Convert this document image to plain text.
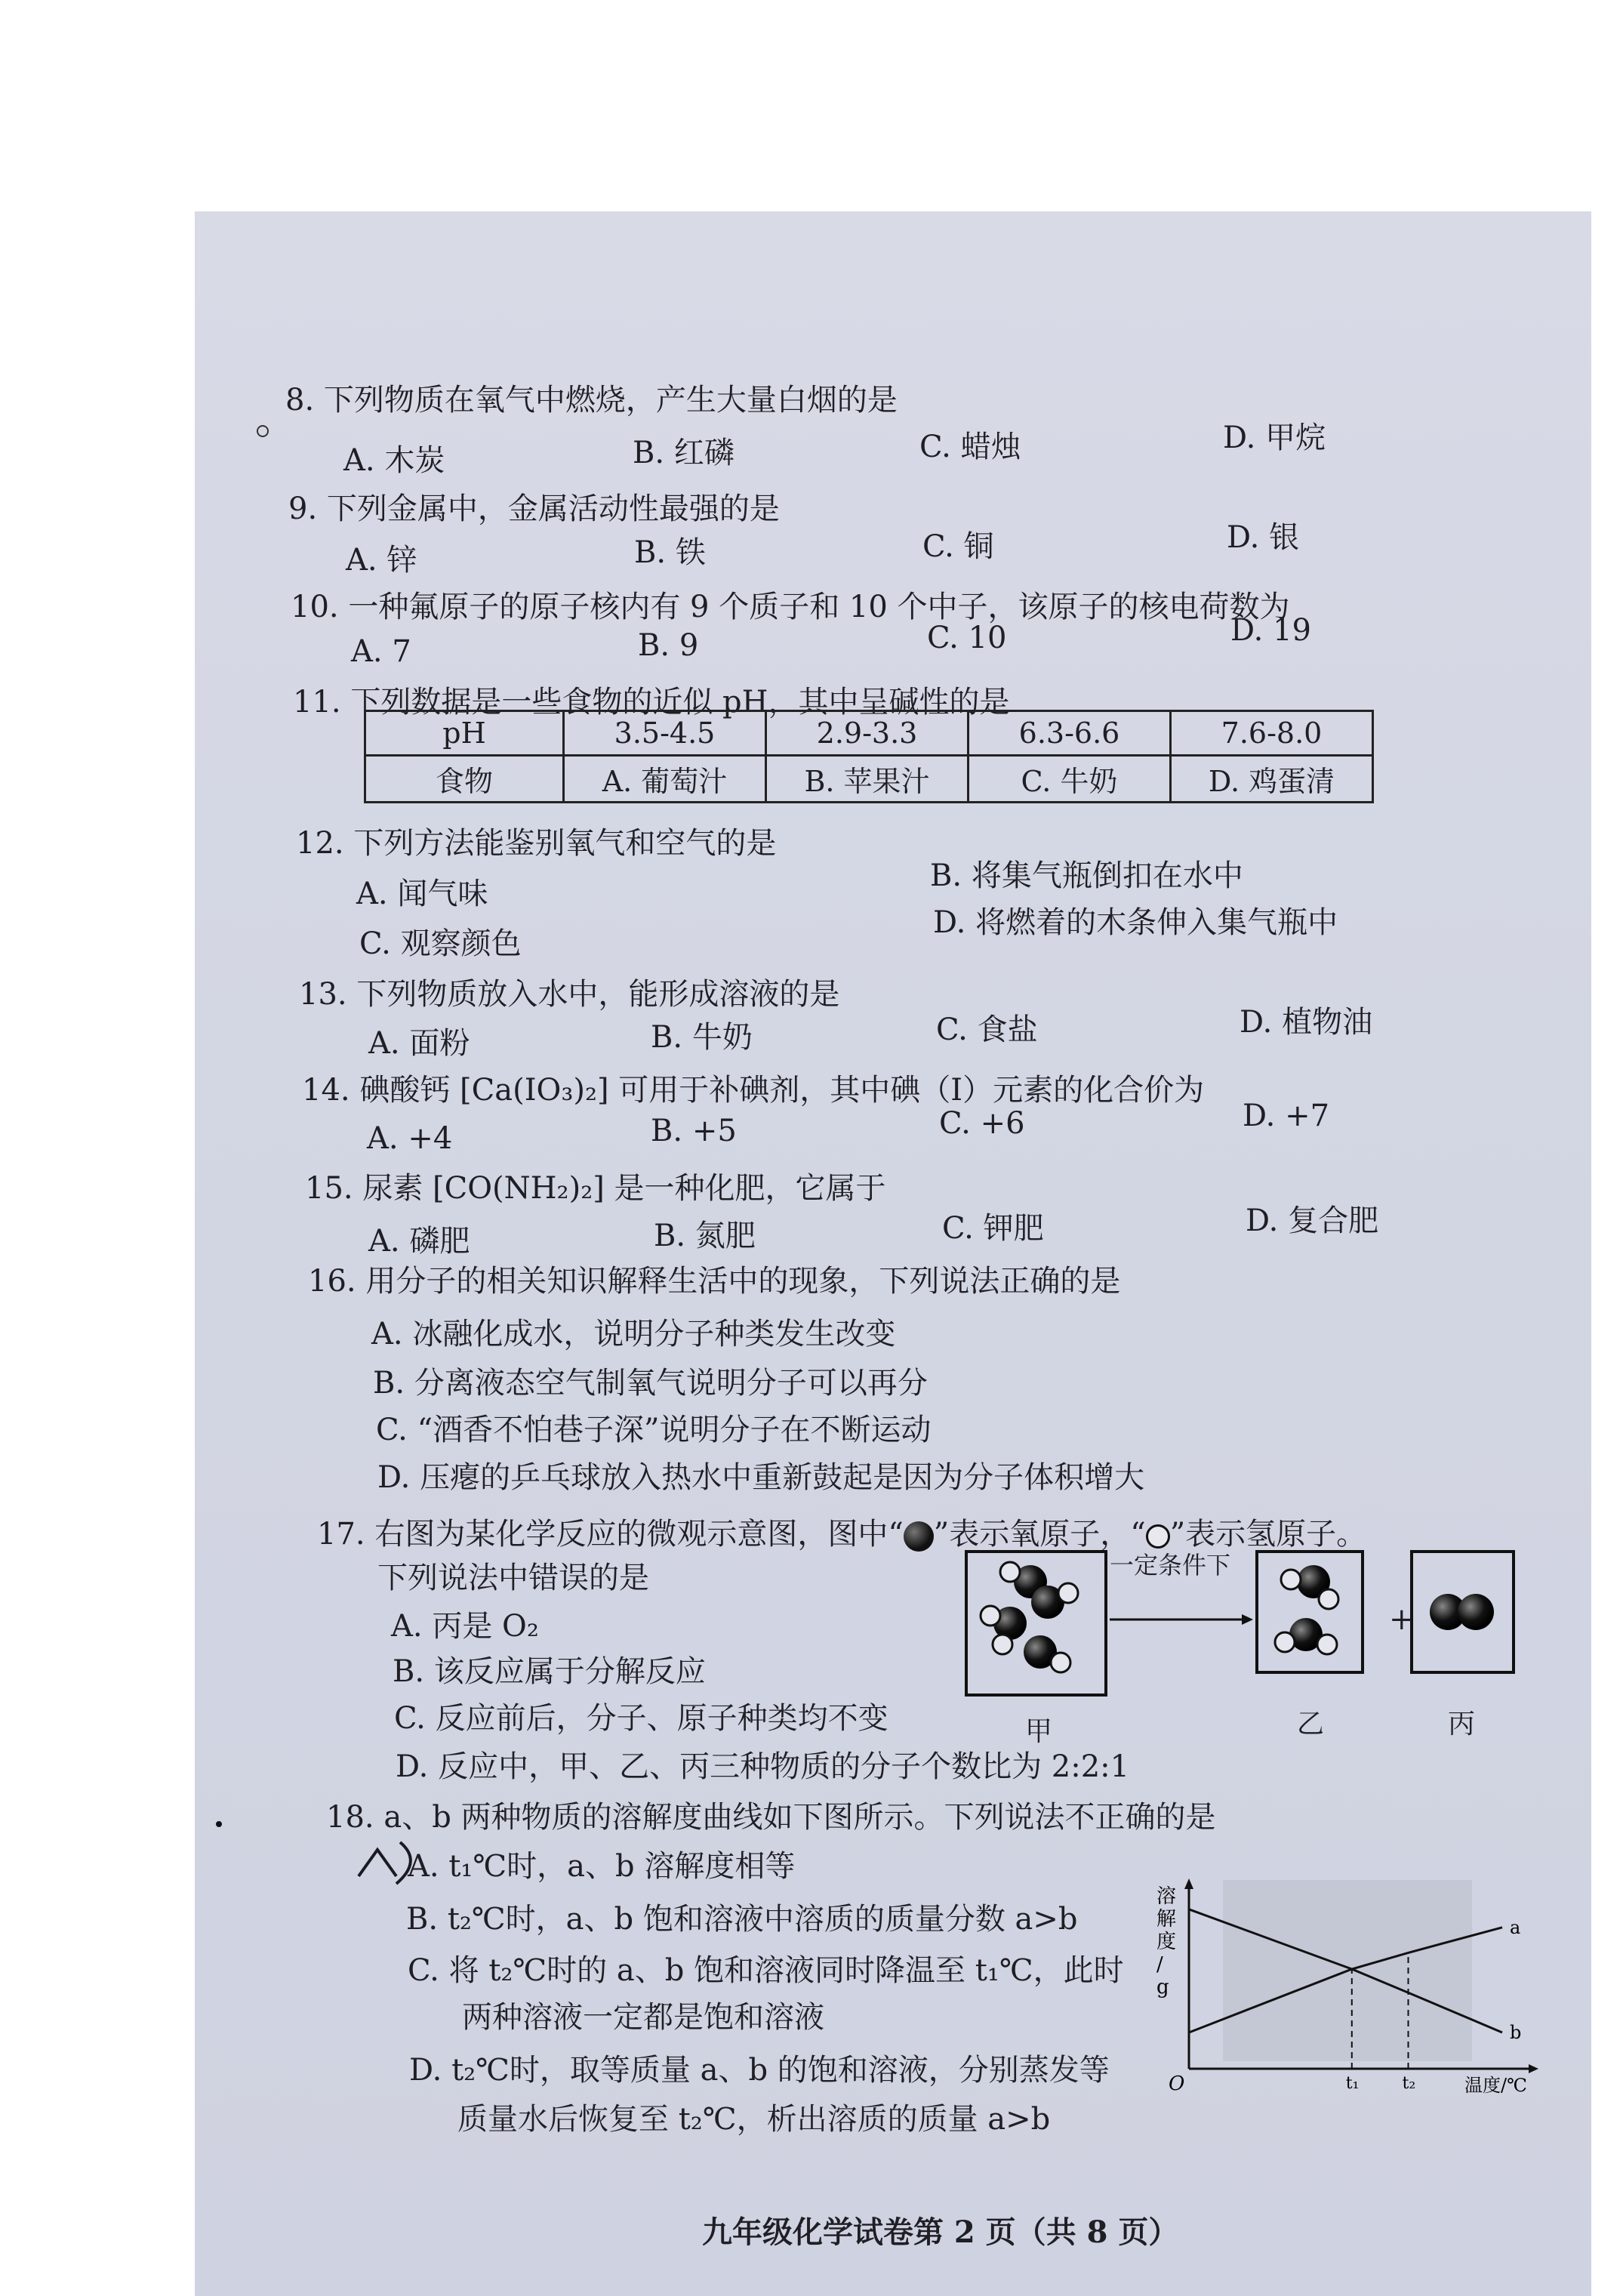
8. 下列物质在氧气中燃烧，产生大量白烟的是
A. 木炭	B. 红磷	C. 蜡烛	D. 甲烷
9. 下列金属中，金属活动性最强的是
A. 锌	B. 铁	C. 铜	D. 银
10. 一种氟原子的原子核内有 9 个质子和 10 个中子，该原子的核电荷数为
A. 7	B. 9	C. 10	D. 19
11. 下列数据是一些食物的近似 pH，其中呈碱性的是
pH	3.5-4.5	2.9-3.3	6.3-6.6	7.6-8.0
食物	A. 葡萄汁	B. 苹果汁	C. 牛奶	D. 鸡蛋清
12. 下列方法能鉴别氧气和空气的是
A. 闻气味
B. 将集气瓶倒扣在水中
C. 观察颜色
D. 将燃着的木条伸入集气瓶中
13. 下列物质放入水中，能形成溶液的是
A. 面粉	B. 牛奶	C. 食盐	D. 植物油
14. 碘酸钙 [Ca(IO₃)₂] 可用于补碘剂，其中碘（I）元素的化合价为
A. +4	B. +5	C. +6	D. +7
15. 尿素 [CO(NH₂)₂] 是一种化肥，它属于
A. 磷肥	B. 氮肥	C. 钾肥	D. 复合肥
16. 用分子的相关知识解释生活中的现象，下列说法正确的是
A. 冰融化成水，说明分子种类发生改变
B. 分离液态空气制氧气说明分子可以再分
C. “酒香不怕巷子深”说明分子在不断运动
D. 压瘪的乒乓球放入热水中重新鼓起是因为分子体积增大
17. 右图为某化学反应的微观示意图，图中“ ”表示氧原子，“ ”表示氢原子。
下列说法中错误的是
A. 丙是 O₂
B. 该反应属于分解反应
C. 反应前后，分子、原子种类均不变
D. 反应中，甲、乙、丙三种物质的分子个数比为 2:2:1
一定条件下
+
甲	乙	丙
18. a、b 两种物质的溶解度曲线如下图所示。下列说法不正确的是
A. t₁℃时，a、b 溶解度相等
B. t₂℃时，a、b 饱和溶液中溶质的质量分数 a>b
C. 将 t₂℃时的 a、b 饱和溶液同时降温至 t₁℃，此时
两种溶液一定都是饱和溶液
D. t₂℃时，取等质量 a、b 的饱和溶液，分别蒸发等
质量水后恢复至 t₂℃，析出溶质的质量 a>b
t₁	t₂
a
b
溶解度/ g
O	温度/℃
九年级化学试卷第 2 页（共 8 页）
